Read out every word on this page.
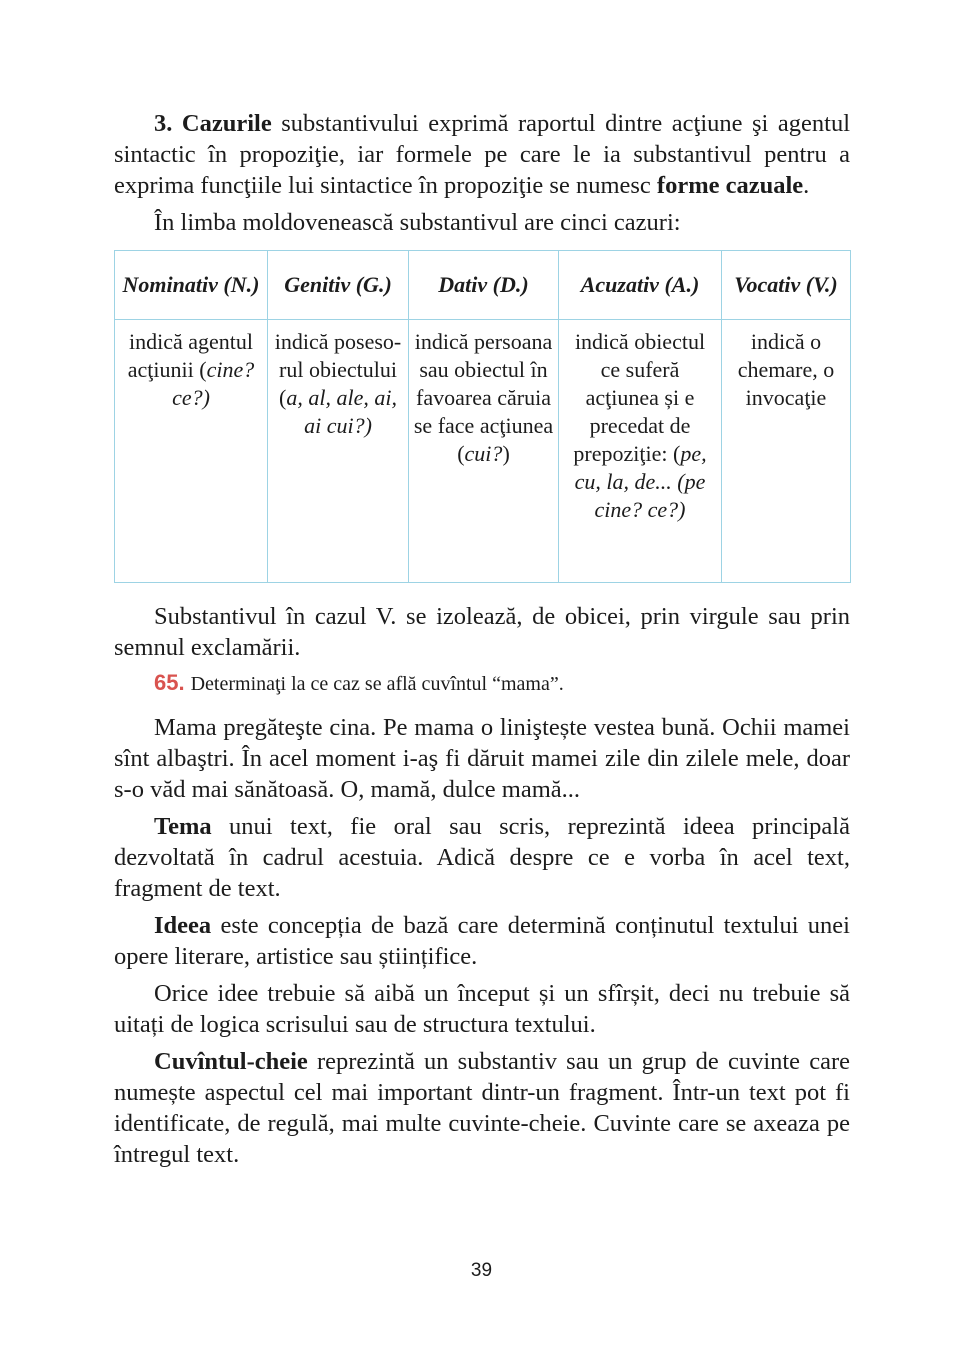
3. Cazurile substantivului exprimă raportul dintre acţiune şi agentul sintactic în propoziţie, iar formele pe care le ia substantivul pentru a exprima funcţiile lui sintactice în propoziţie se numesc forme cazuale.

În limba moldovenească substantivul are cinci cazuri:

Nominativ (N.)	Genitiv (G.)	Dativ (D.)	Acuzativ (A.)	Vocativ (V.)
indică agentul acţiunii (cine? ce?)	indică poseso-rul obiectului (a, al, ale, ai, ai cui?)	indică persoana sau obiectul în favoarea căruia se face acţiunea (cui?)	indică obiectul ce suferă acţiunea și e precedat de prepoziţie: (pe, cu, la, de... (pe cine? ce?)	indică o chemare, o invocaţie

Substantivul în cazul V. se izolează, de obicei, prin virgule sau prin semnul exclamării.

65. Determinaţi la ce caz se află cuvîntul “mama”.

Mama pregăteşte cina. Pe mama o liniştește vestea bună. Ochii mamei sînt albaştri. În acel moment i-aş fi dăruit mamei zile din zilele mele, doar s-o văd mai sănătoasă. O, mamă, dulce mamă...

Tema unui text, fie oral sau scris, reprezintă ideea principală dezvoltată în cadrul acestuia. Adică despre ce e vorba în acel text, fragment de text.

Ideea este concepția de bază care determină conținutul textului unei opere literare, artistice sau științifice.

Orice idee trebuie să aibă un început și un sfîrșit, deci nu trebuie să uitați de logica scrisului sau de structura textului.

Cuvîntul-cheie reprezintă un substantiv sau un grup de cuvinte care numește aspectul cel mai important dintr-un fragment. Într-un text pot fi identificate, de regulă, mai multe cuvinte-cheie. Cuvinte care se axeaza pe întregul text.

39
